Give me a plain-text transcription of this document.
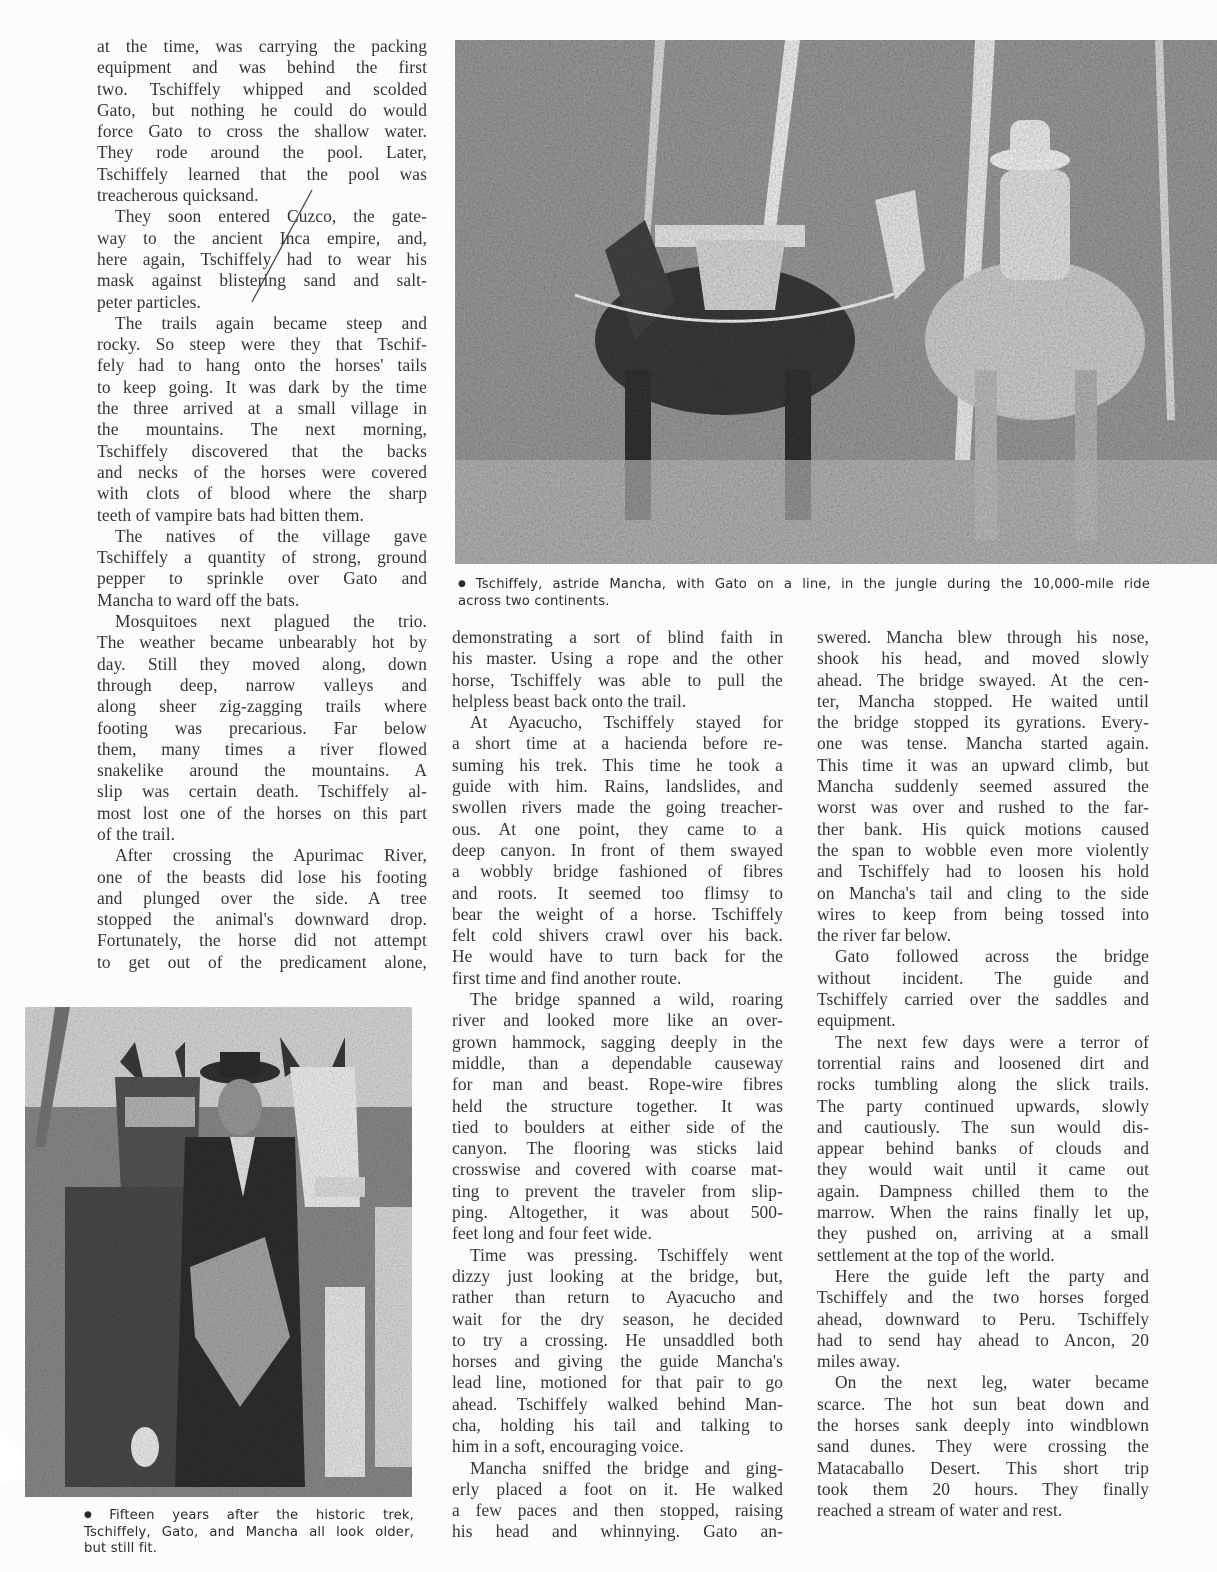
at the time, was carrying the packing
equipment and was behind the first
two. Tschiffely whipped and scolded
Gato, but nothing he could do would
force Gato to cross the shallow water.
They rode around the pool. Later,
Tschiffely learned that the pool was
treacherous quicksand.
They soon entered Cuzco, the gate-
way to the ancient Inca empire, and,
here again, Tschiffely had to wear his
mask against blistering sand and salt-
peter particles.
The trails again became steep and
rocky. So steep were they that Tschif-
fely had to hang onto the horses' tails
to keep going. It was dark by the time
the three arrived at a small village in
the mountains. The next morning,
Tschiffely discovered that the backs
and necks of the horses were covered
with clots of blood where the sharp
teeth of vampire bats had bitten them.
The natives of the village gave
Tschiffely a quantity of strong, ground
pepper to sprinkle over Gato and
Mancha to ward off the bats.
Mosquitoes next plagued the trio.
The weather became unbearably hot by
day. Still they moved along, down
through deep, narrow valleys and
along sheer zig-zagging trails where
footing was precarious. Far below
them, many times a river flowed
snakelike around the mountains. A
slip was certain death. Tschiffely al-
most lost one of the horses on this part
of the trail.
After crossing the Apurimac River,
one of the beasts did lose his footing
and plunged over the side. A tree
stopped the animal's downward drop.
Fortunately, the horse did not attempt
to get out of the predicament alone,
demonstrating a sort of blind faith in
his master. Using a rope and the other
horse, Tschiffely was able to pull the
helpless beast back onto the trail.
At Ayacucho, Tschiffely stayed for
a short time at a hacienda before re-
suming his trek. This time he took a
guide with him. Rains, landslides, and
swollen rivers made the going treacher-
ous. At one point, they came to a
deep canyon. In front of them swayed
a wobbly bridge fashioned of fibres
and roots. It seemed too flimsy to
bear the weight of a horse. Tschiffely
felt cold shivers crawl over his back.
He would have to turn back for the
first time and find another route.
The bridge spanned a wild, roaring
river and looked more like an over-
grown hammock, sagging deeply in the
middle, than a dependable causeway
for man and beast. Rope-wire fibres
held the structure together. It was
tied to boulders at either side of the
canyon. The flooring was sticks laid
crosswise and covered with coarse mat-
ting to prevent the traveler from slip-
ping. Altogether, it was about 500-
feet long and four feet wide.
Time was pressing. Tschiffely went
dizzy just looking at the bridge, but,
rather than return to Ayacucho and
wait for the dry season, he decided
to try a crossing. He unsaddled both
horses and giving the guide Mancha's
lead line, motioned for that pair to go
ahead. Tschiffely walked behind Man-
cha, holding his tail and talking to
him in a soft, encouraging voice.
Mancha sniffed the bridge and ging-
erly placed a foot on it. He walked
a few paces and then stopped, raising
his head and whinnying. Gato an-
swered. Mancha blew through his nose,
shook his head, and moved slowly
ahead. The bridge swayed. At the cen-
ter, Mancha stopped. He waited until
the bridge stopped its gyrations. Every-
one was tense. Mancha started again.
This time it was an upward climb, but
Mancha suddenly seemed assured the
worst was over and rushed to the far-
ther bank. His quick motions caused
the span to wobble even more violently
and Tschiffely had to loosen his hold
on Mancha's tail and cling to the side
wires to keep from being tossed into
the river far below.
Gato followed across the bridge
without incident. The guide and
Tschiffely carried over the saddles and
equipment.
The next few days were a terror of
torrential rains and loosened dirt and
rocks tumbling along the slick trails.
The party continued upwards, slowly
and cautiously. The sun would dis-
appear behind banks of clouds and
they would wait until it came out
again. Dampness chilled them to the
marrow. When the rains finally let up,
they pushed on, arriving at a small
settlement at the top of the world.
Here the guide left the party and
Tschiffely and the two horses forged
ahead, downward to Peru. Tschiffely
had to send hay ahead to Ancon, 20
miles away.
On the next leg, water became
scarce. The hot sun beat down and
the horses sank deeply into windblown
sand dunes. They were crossing the
Matacaballo Desert. This short trip
took them 20 hours. They finally
reached a stream of water and rest.
● Tschiffely, astride Mancha, with Gato on a line, in the jungle during the 10,000-mile ride
across two continents.
● Fifteen years after the historic trek,
Tschiffely, Gato, and Mancha all look older,
but still fit.
